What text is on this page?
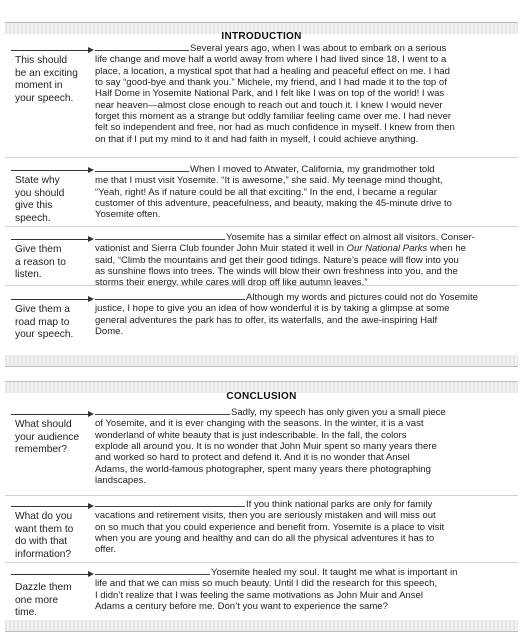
INTRODUCTION
This should
be an exciting
moment in
your speech.
Several years ago, when I was about to embark on a serious
life change and move half a world away from where I had lived since 18, I went to a
place, a location, a mystical spot that had a healing and peaceful effect on me. I had
to say “good-bye and thank you.” Michele, my friend, and I had made it to the top of
Half Dome in Yosemite National Park, and I felt like I was on top of the world! I was
near heaven—almost close enough to reach out and touch it. I knew I would never
forget this moment as a strange but oddly familiar feeling came over me. I had never
felt so independent and free, nor had as much confidence in myself. I knew from then
on that if I put my mind to it and had faith in myself, I could achieve anything.
State why
you should
give this
speech.
When I moved to Atwater, California, my grandmother told
me that I must visit Yosemite. “It is awesome,” she said. My teenage mind thought,
“Yeah, right! As if nature could be all that exciting.” In the end, I became a regular
customer of this adventure, peacefulness, and beauty, making the 45-minute drive to
Yosemite often.
Give them
a reason to
listen.
Yosemite has a similar effect on almost all visitors. Conser-
vationist and Sierra Club founder John Muir stated it well in Our National Parks when he
said, “Climb the mountains and get their good tidings. Nature’s peace will flow into you
as sunshine flows into trees. The winds will blow their own freshness into you, and the
storms their energy, while cares will drop off like autumn leaves.”
Give them a
road map to
your speech.
Although my words and pictures could not do Yosemite
justice, I hope to give you an idea of how wonderful it is by taking a glimpse at some
general adventures the park has to offer, its waterfalls, and the awe-inspiring Half
Dome.
CONCLUSION
What should
your audience
remember?
Sadly, my speech has only given you a small piece
of Yosemite, and it is ever changing with the seasons. In the winter, it is a vast
wonderland of white beauty that is just indescribable. In the fall, the colors
explode all around you. It is no wonder that John Muir spent so many years there
and worked so hard to protect and defend it. And it is no wonder that Ansel
Adams, the world-famous photographer, spent many years there photographing
landscapes.
What do you
want them to
do with that
information?
If you think national parks are only for family
vacations and retirement visits, then you are seriously mistaken and will miss out
on so much that you could experience and benefit from. Yosemite is a place to visit
when you are young and healthy and can do all the physical adventures it has to
offer.
Dazzle them
one more
time.
Yosemite healed my soul. It taught me what is important in
life and that we can miss so much beauty. Until I did the research for this speech,
I didn’t realize that I was feeling the same motivations as John Muir and Ansel
Adams a century before me. Don’t you want to experience the same?
